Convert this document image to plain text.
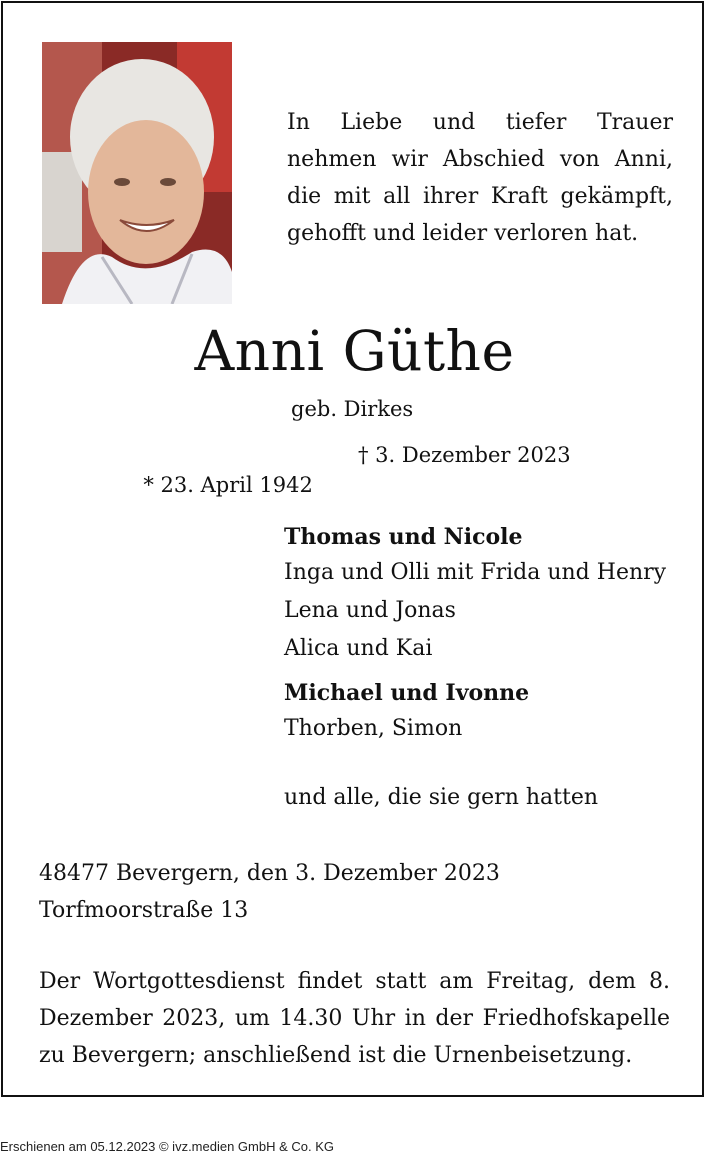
In Liebe und tiefer Trauer nehmen wir Abschied von Anni, die mit all ihrer Kraft gekämpft, gehofft und leider verloren hat.
Anni Güthe
geb. Dirkes

* 23. April 1942

† 3. Dezember 2023

Thomas und Nicole
Inga und Olli mit Frida und Henry
Lena und Jonas
Alica und Kai
Michael und Ivonne
Thorben, Simon
und alle, die sie gern hatten
48477 Bevergern, den 3. Dezember 2023
Torfmoorstraße 13
Der Wortgottesdienst findet statt am Freitag, dem 8. Dezember 2023, um 14.30 Uhr in der Friedhofskapelle zu Bevergern; anschließend ist die Urnenbeisetzung.
Erschienen am 05.12.2023 © ivz.medien GmbH & Co. KG
